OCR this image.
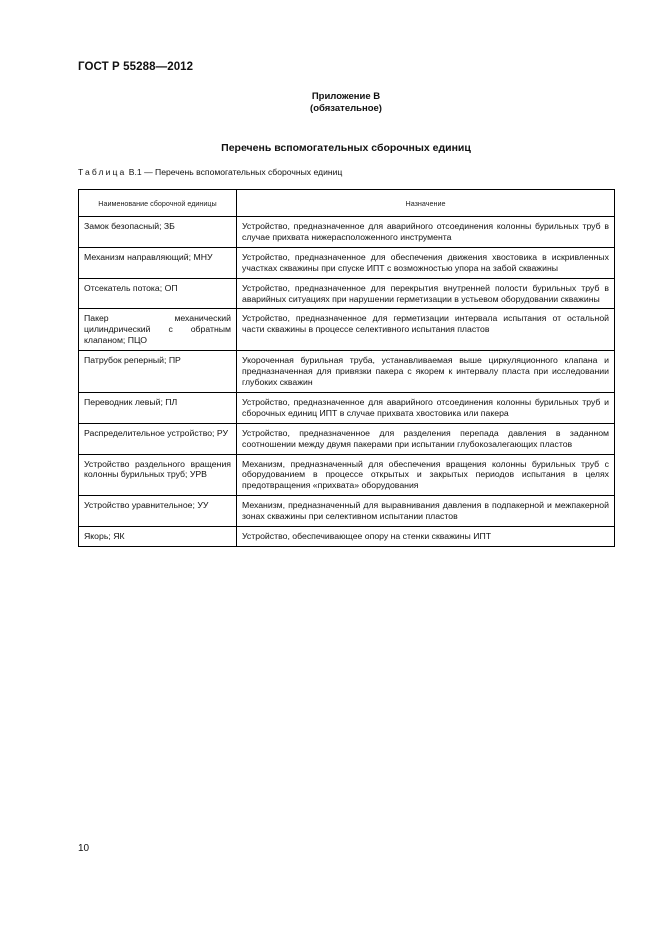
ГОСТ Р 55288—2012
Приложение В
(обязательное)
Перечень вспомогательных сборочных единиц
Таблица В.1 — Перечень вспомогательных сборочных единиц
Наименование сборочной единицы	Назначение
Замок безопасный; ЗБ	Устройство, предназначенное для аварийного отсоединения колонны бурильных труб в случае прихвата нижерасположенного инструмента
Механизм направляющий; МНУ	Устройство, предназначенное для обеспечения движения хвостовика в искривленных участках скважины при спуске ИПТ с возможностью упора на забой скважины
Отсекатель потока; ОП	Устройство, предназначенное для перекрытия внутренней полости бурильных труб в аварийных ситуациях при нарушении герметизации в устьевом оборудовании скважины
Пакер механический цилиндрический с обратным клапаном; ПЦО	Устройство, предназначенное для герметизации интервала испытания от остальной части скважины в процессе селективного испытания пластов
Патрубок реперный; ПР	Укороченная бурильная труба, устанавливаемая выше циркуляционного клапана и предназначенная для привязки пакера с якорем к интервалу пласта при исследовании глубоких скважин
Переводник левый; ПЛ	Устройство, предназначенное для аварийного отсоединения колонны бурильных труб и сборочных единиц ИПТ в случае прихвата хвостовика или пакера
Распределительное устройство; РУ	Устройство, предназначенное для разделения перепада давления в заданном соотношении между двумя пакерами при испытании глубокозалегающих пластов
Устройство раздельного вращения колонны бурильных труб; УРВ	Механизм, предназначенный для обеспечения вращения колонны бурильных труб с оборудованием в процессе открытых и закрытых периодов испытания в целях предотвращения «прихвата» оборудования
Устройство уравнительное; УУ	Механизм, предназначенный для выравнивания давления в подпакерной и межпакерной зонах скважины при селективном испытании пластов
Якорь; ЯК	Устройство, обеспечивающее опору на стенки скважины ИПТ
10
